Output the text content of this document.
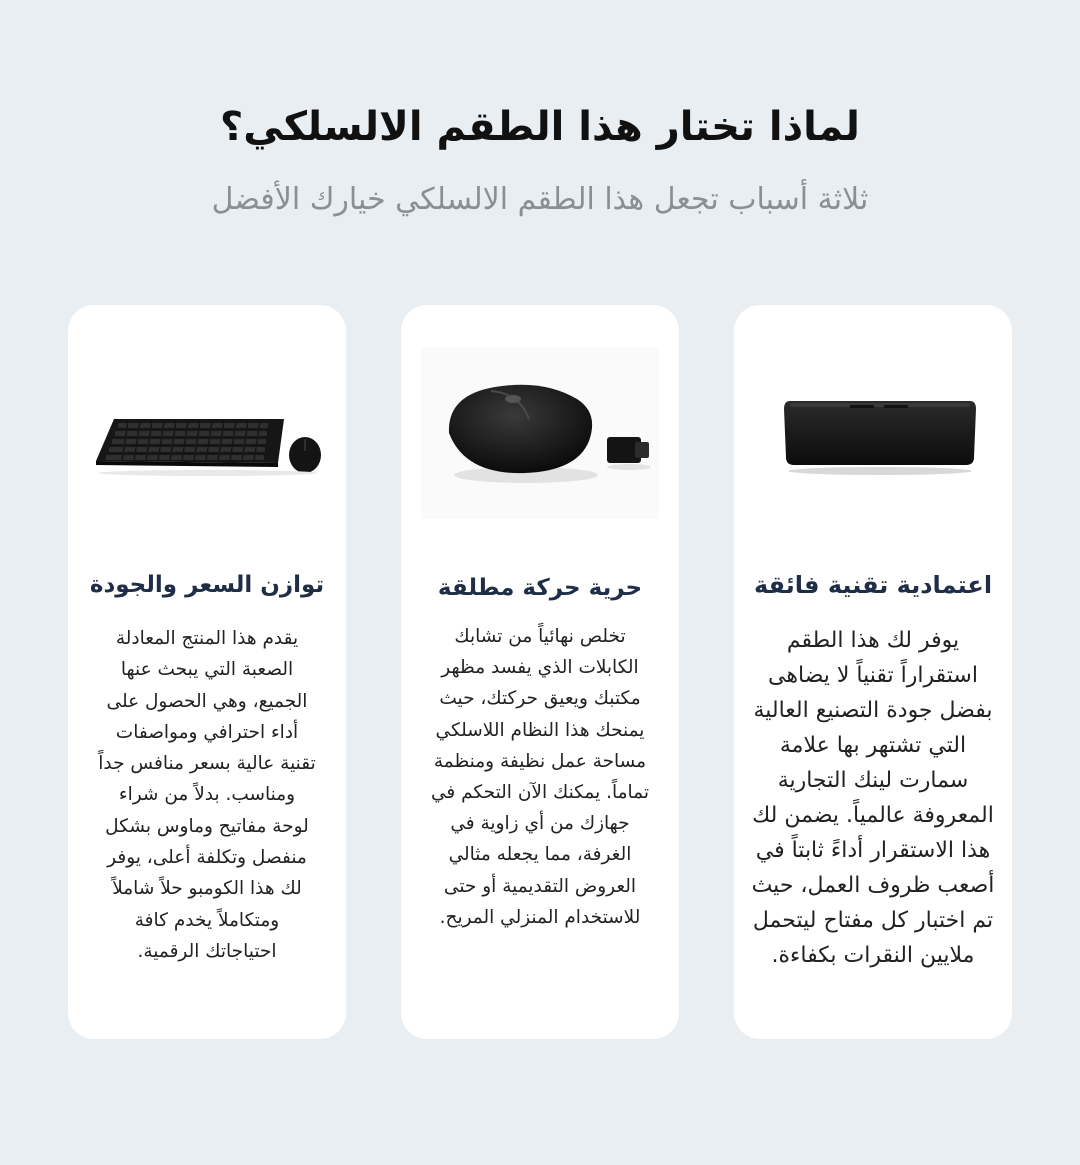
لماذا تختار هذا الطقم الالسلكي؟

ثلاثة أسباب تجعل هذا الطقم الالسلكي خيارك الأفضل

اعتمادية تقنية فائقة

يوفر لك هذا الطقم استقراراً تقنياً لا يضاهى بفضل جودة التصنيع العالية التي تشتهر بها علامة سمارت لينك التجارية المعروفة عالمياً. يضمن لك هذا الاستقرار أداءً ثابتاً في أصعب ظروف العمل، حيث تم اختبار كل مفتاح ليتحمل ملايين النقرات بكفاءة.

حرية حركة مطلقة

تخلص نهائياً من تشابك الكابلات الذي يفسد مظهر مكتبك ويعيق حركتك، حيث يمنحك هذا النظام اللاسلكي مساحة عمل نظيفة ومنظمة تماماً. يمكنك الآن التحكم في جهازك من أي زاوية في الغرفة، مما يجعله مثالي العروض التقديمية أو حتى للاستخدام المنزلي المريح.

توازن السعر والجودة

يقدم هذا المنتج المعادلة الصعبة التي يبحث عنها الجميع، وهي الحصول على أداء احترافي ومواصفات تقنية عالية بسعر منافس جداً ومناسب. بدلاً من شراء لوحة مفاتيح وماوس بشكل منفصل وتكلفة أعلى، يوفر لك هذا الكومبو حلاً شاملاً ومتكاملاً يخدم كافة احتياجاتك الرقمية.
